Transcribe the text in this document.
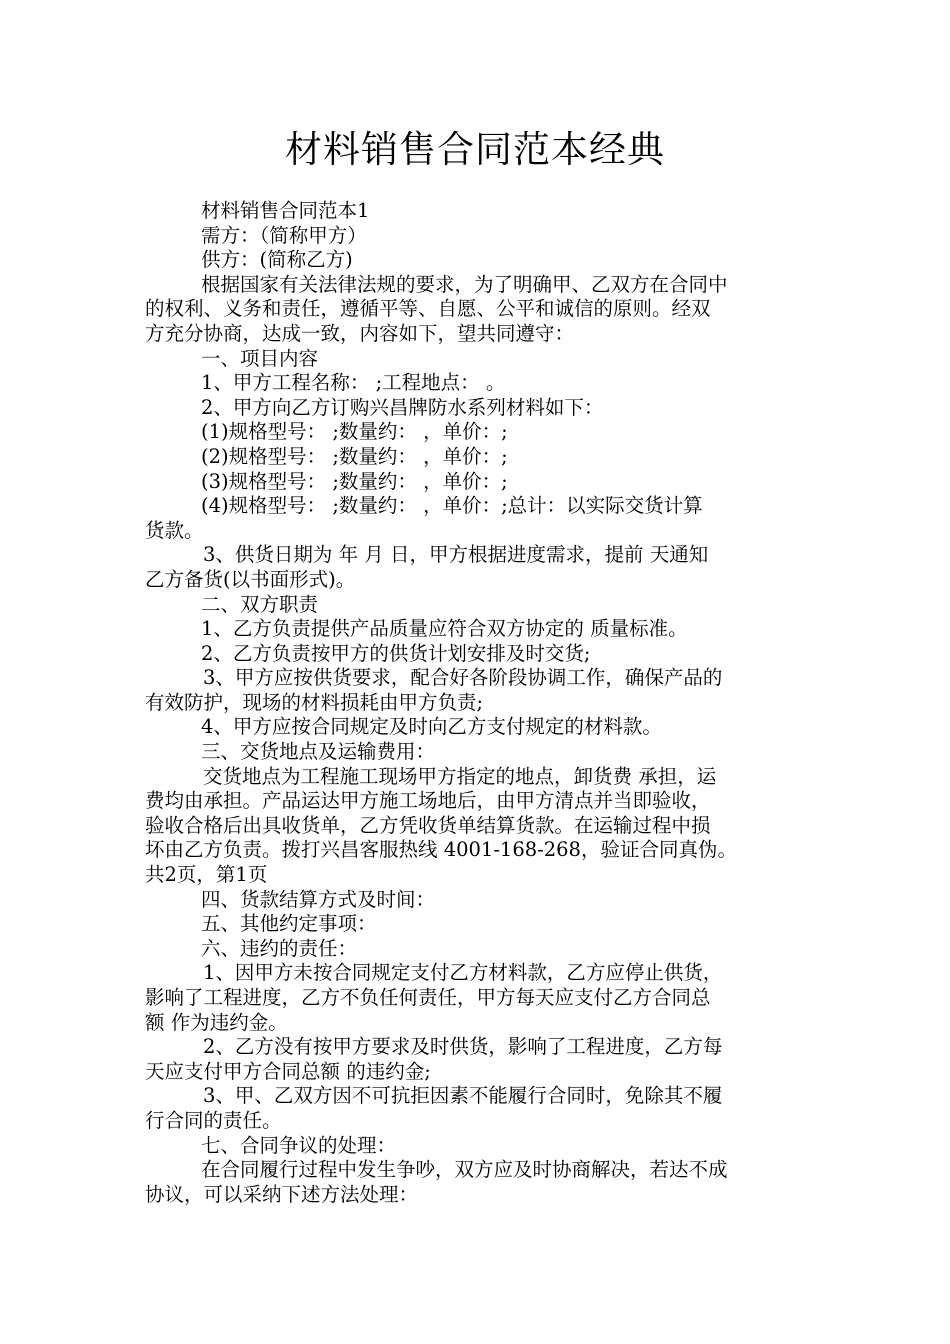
材料销售合同范本经典

材料销售合同范本1

需方：（简称甲方）

供方：(简称乙方)

根据国家有关法律法规的要求，为了明确甲、乙双方在合同中

的权利、义务和责任，遵循平等、自愿、公平和诚信的原则。经双

方充分协商，达成一致，内容如下，望共同遵守：

一、项目内容

1、甲方工程名称： ;工程地点： 。

2、甲方向乙方订购兴昌牌防水系列材料如下：

(1)规格型号： ;数量约： ，单价：;

(2)规格型号： ;数量约： ，单价：;

(3)规格型号： ;数量约： ，单价：;

(4)规格型号： ;数量约： ，单价：;总计：以实际交货计算

货款。

3、供货日期为 年 月 日，甲方根据进度需求，提前 天通知

乙方备货(以书面形式)。

二、双方职责

1、乙方负责提供产品质量应符合双方协定的 质量标准。

2、乙方负责按甲方的供货计划安排及时交货;

3、甲方应按供货要求，配合好各阶段协调工作，确保产品的

有效防护，现场的材料损耗由甲方负责;

4、甲方应按合同规定及时向乙方支付规定的材料款。

三、交货地点及运输费用：

交货地点为工程施工现场甲方指定的地点，卸货费 承担，运

费均由承担。产品运达甲方施工场地后，由甲方清点并当即验收，

验收合格后出具收货单，乙方凭收货单结算货款。在运输过程中损

坏由乙方负责。拨打兴昌客服热线 4001-168-268，验证合同真伪。

共2页，第1页

四、货款结算方式及时间：

五、其他约定事项：

六、违约的责任：

1、因甲方未按合同规定支付乙方材料款，乙方应停止供货，

影响了工程进度，乙方不负任何责任，甲方每天应支付乙方合同总

额 作为违约金。

2、乙方没有按甲方要求及时供货，影响了工程进度，乙方每

天应支付甲方合同总额 的违约金;

3、甲、乙双方因不可抗拒因素不能履行合同时，免除其不履

行合同的责任。

七、合同争议的处理：

在合同履行过程中发生争吵，双方应及时协商解决，若达不成

协议，可以采纳下述方法处理：
